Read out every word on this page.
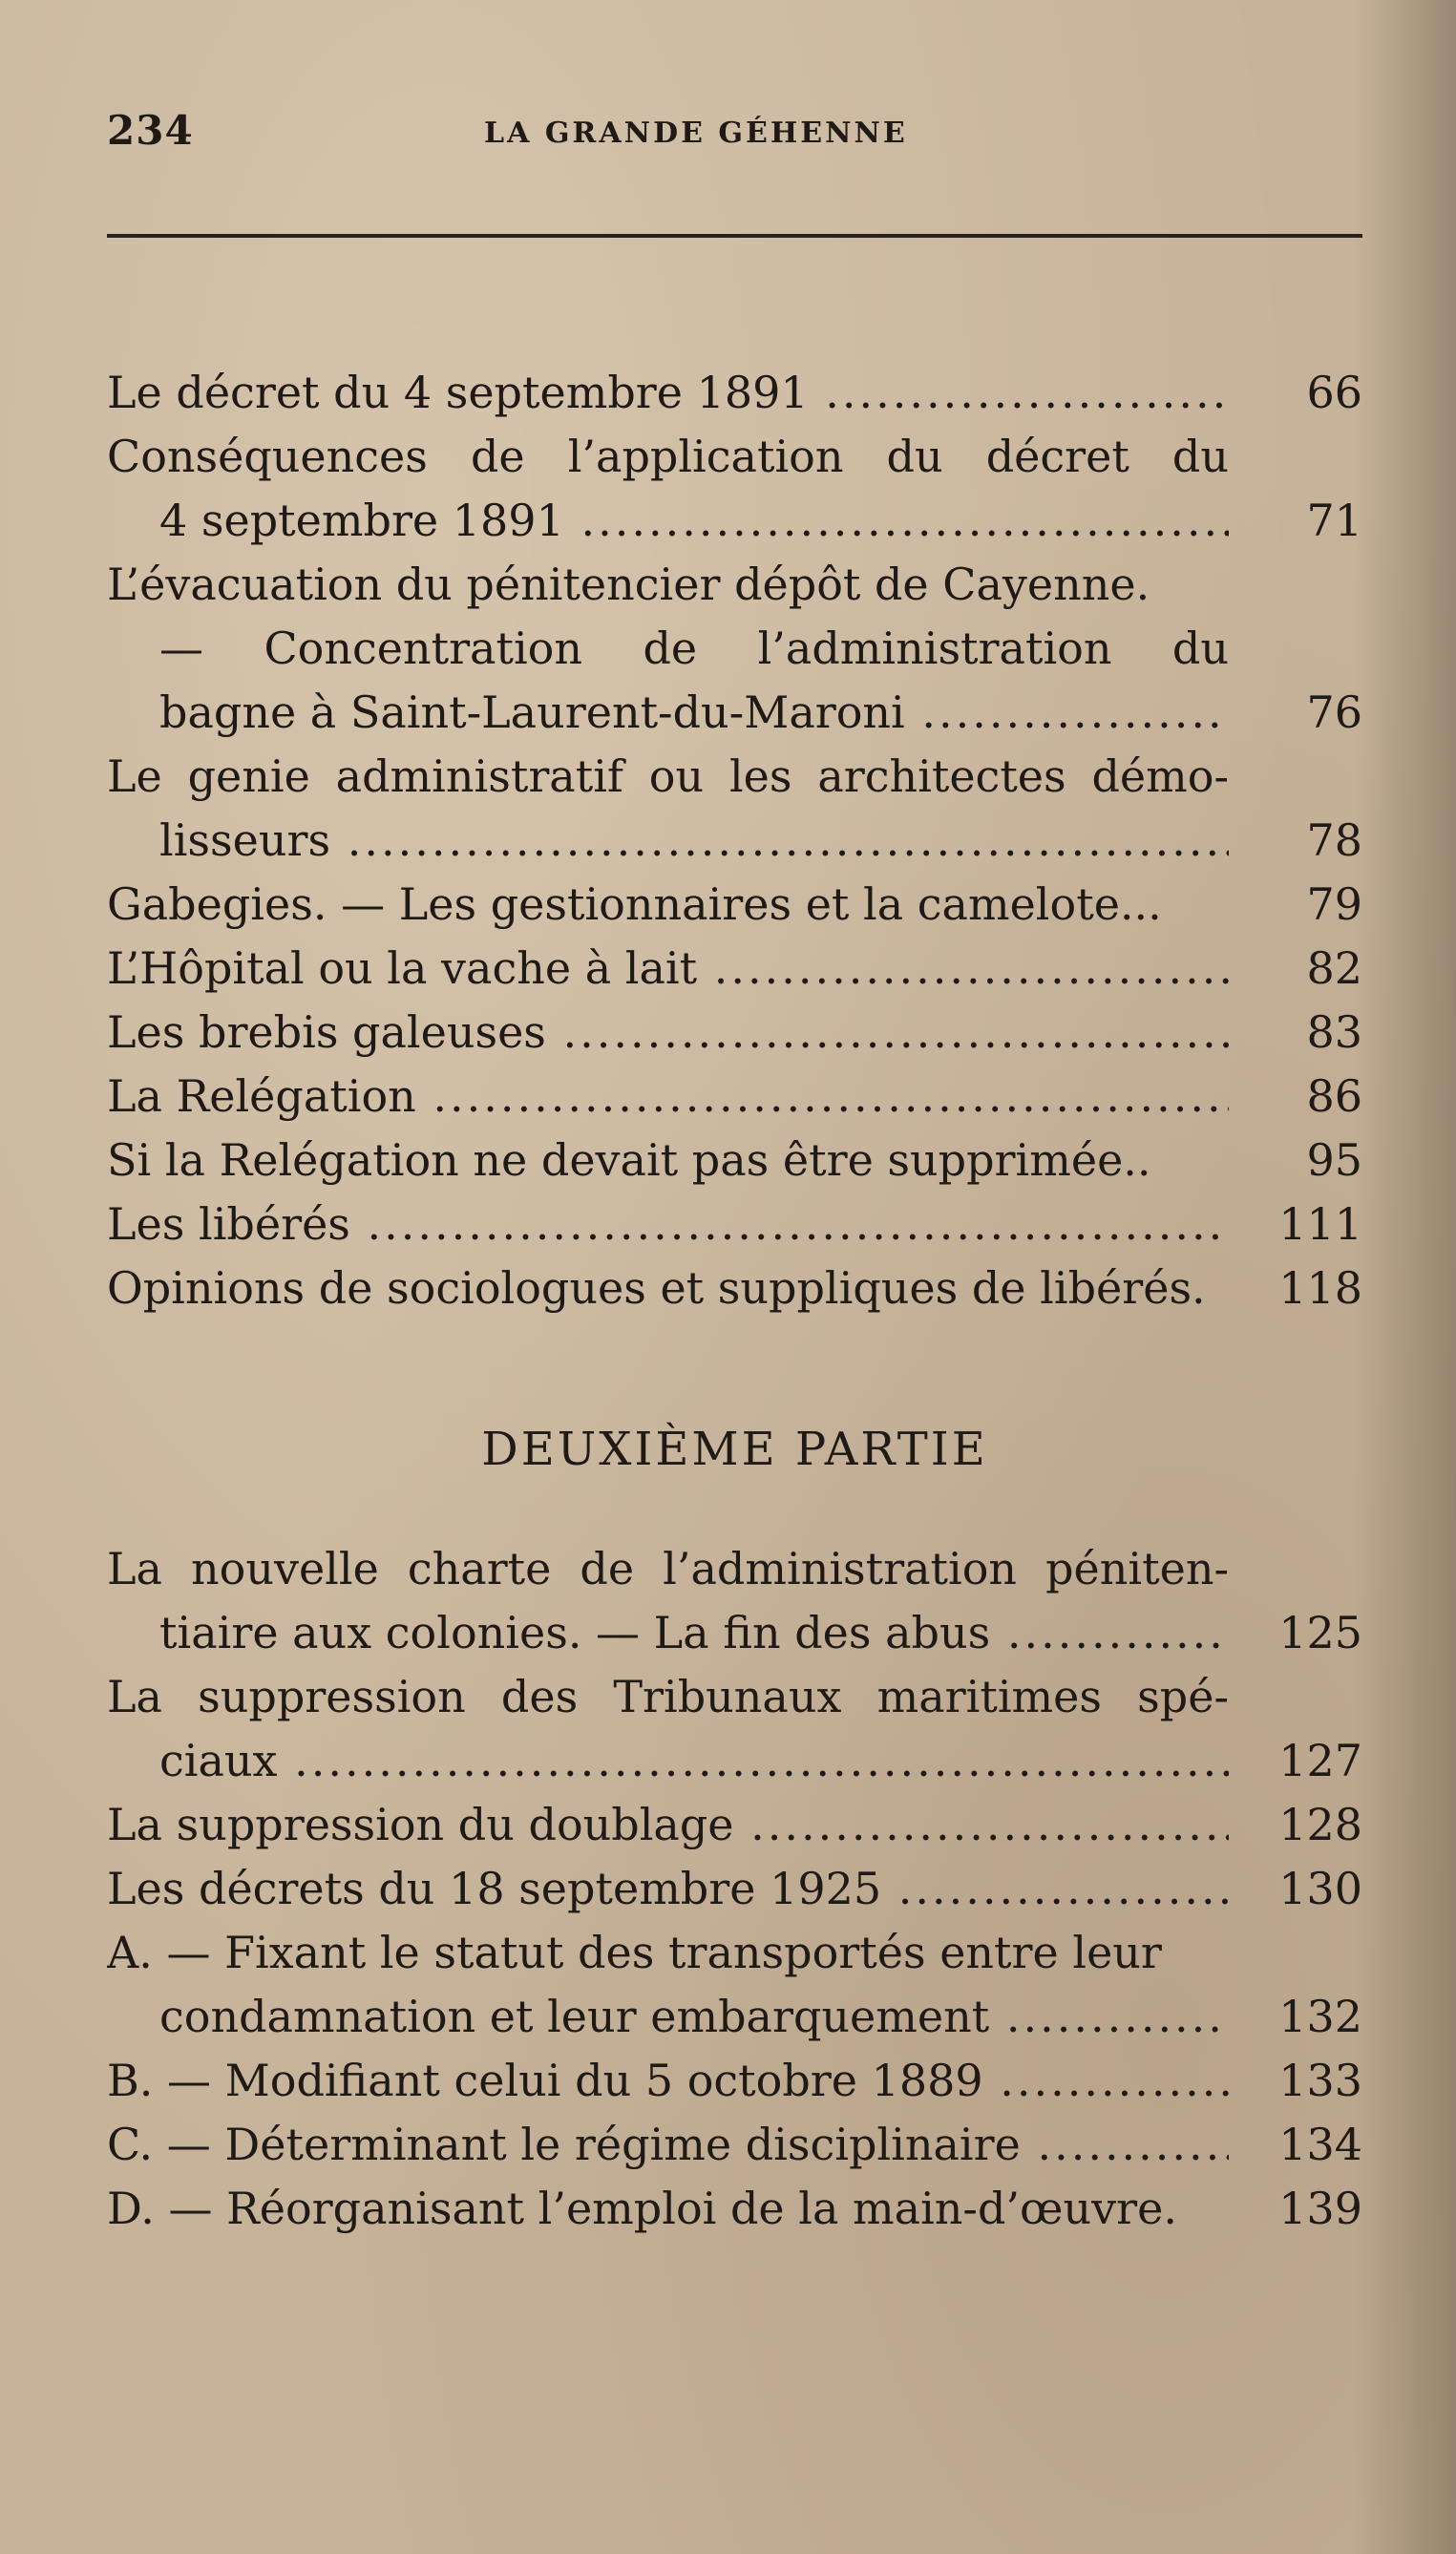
234	LA GRANDE GÉHENNE
Le décret du 4 septembre 1891 .....	66
Conséquences de l’application du décret du
4 septembre 1891 .....	71
L’évacuation du pénitencier dépôt de Cayenne.
— Concentration de l’administration du
bagne à Saint-Laurent-du-Maroni .....	76
Le genie administratif ou les architectes démo-
lisseurs .....	78
Gabegies. — Les gestionnaires et la camelote...	79
L’Hôpital ou la vache à lait .....	82
Les brebis galeuses .....	83
La Relégation .....	86
Si la Relégation ne devait pas être supprimée..	95
Les libérés .....	111
Opinions de sociologues et suppliques de libérés.	118
DEUXIÈME PARTIE
La nouvelle charte de l’administration péniten-
tiaire aux colonies. — La fin des abus .....	125
La suppression des Tribunaux maritimes spé-
ciaux .....	127
La suppression du doublage .....	128
Les décrets du 18 septembre 1925 .....	130
A. — Fixant le statut des transportés entre leur
condamnation et leur embarquement .....	132
B. — Modifiant celui du 5 octobre 1889 .....	133
C. — Déterminant le régime disciplinaire .....	134
D. — Réorganisant l’emploi de la main-d’œuvre.	139
